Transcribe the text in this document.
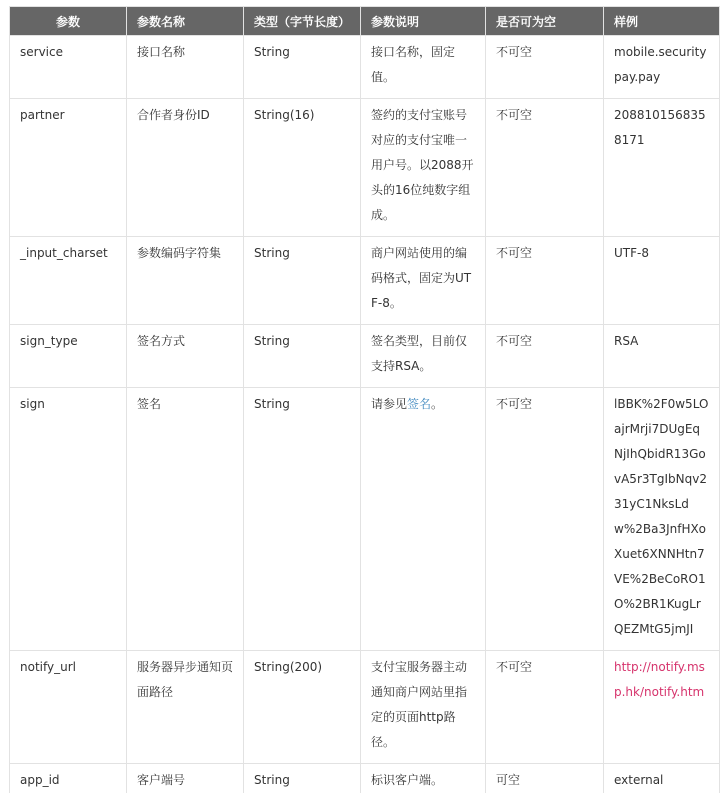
参数	参数名称	类型（字节长度）	参数说明	是否可为空	样例

service	接口名称	String	接口名称，固定值。	不可空	mobile.securitypay.pay

partner	合作者身份ID	String(16)	签约的支付宝账号对应的支付宝唯一用户号。以2088开头的16位纯数字组成。	不可空	2088101568358171

_input_charset	参数编码字符集	String	商户网站使用的编码格式，固定为UTF-8。	不可空	UTF-8

sign_type	签名方式	String	签名类型，目前仅支持RSA。	不可空	RSA

sign	签名	String	请参见签名。	不可空	lBBK%2F0w5LOajrMrji7DUgEqNjIhQbidR13GovA5r3TgIbNqv231yC1NksLdw%2Ba3JnfHXoXuet6XNNHtn7VE%2BeCoRO1O%2BR1KugLrQEZMtG5jmJI

notify_url	服务器异步通知页面路径	String(200)	支付宝服务器主动通知商户网站里指定的页面http路径。	不可空	http://notify.msp.hk/notify.htm

app_id	客户端号	String	标识客户端。	可空	external
